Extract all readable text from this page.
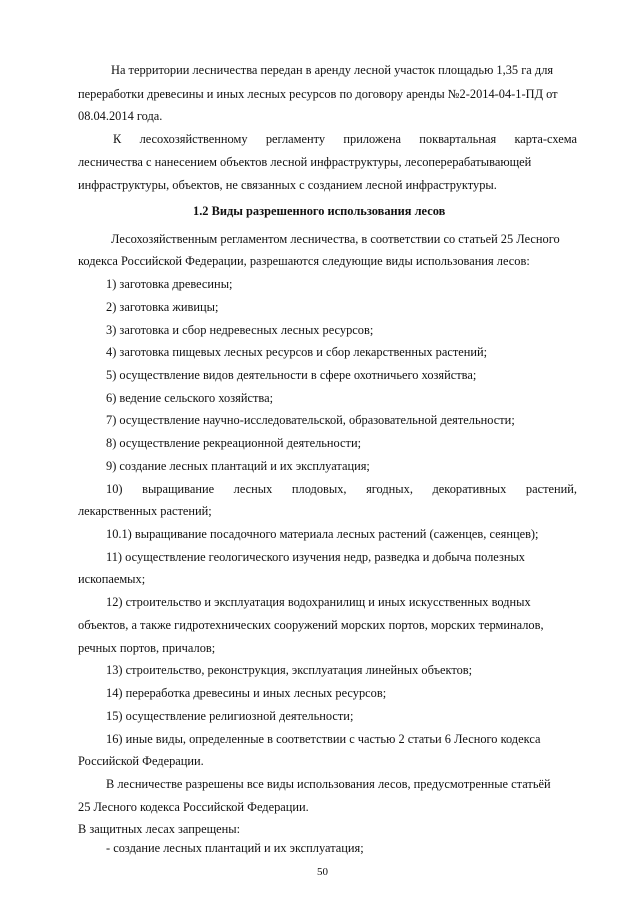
На территории лесничества передан в аренду лесной участок площадью 1,35 га для
переработки древесины и иных лесных ресурсов по договору аренды №2-2014-04-1-ПД от
08.04.2014 года.
К лесохозяйственному регламенту приложена поквартальная карта-схема
лесничества с нанесением объектов лесной инфраструктуры, лесоперерабатывающей
инфраструктуры, объектов, не связанных с созданием лесной инфраструктуры.
1.2 Виды разрешенного использования лесов
Лесохозяйственным регламентом лесничества, в соответствии со статьей 25 Лесного
кодекса Российской Федерации, разрешаются следующие виды использования лесов:
1) заготовка древесины;
2) заготовка живицы;
3) заготовка и сбор недревесных лесных ресурсов;
4) заготовка пищевых лесных ресурсов и сбор лекарственных растений;
5) осуществление видов деятельности в сфере охотничьего хозяйства;
6) ведение сельского хозяйства;
7) осуществление научно-исследовательской, образовательной деятельности;
8) осуществление рекреационной деятельности;
9) создание лесных плантаций и их эксплуатация;
10) выращивание лесных плодовых, ягодных, декоративных растений,
лекарственных растений;
10.1) выращивание посадочного материала лесных растений (саженцев, сеянцев);
11) осуществление геологического изучения недр, разведка и добыча полезных
ископаемых;
12) строительство и эксплуатация водохранилищ и иных искусственных водных
объектов, а также гидротехнических сооружений морских портов, морских терминалов,
речных портов, причалов;
13) строительство, реконструкция, эксплуатация линейных объектов;
14) переработка древесины и иных лесных ресурсов;
15) осуществление религиозной деятельности;
16) иные виды, определенные в соответствии с частью 2 статьи 6 Лесного кодекса
Российской Федерации.
В лесничестве разрешены все виды использования лесов, предусмотренные статьёй
25 Лесного кодекса Российской Федерации.
В защитных лесах запрещены:
- создание лесных плантаций и их эксплуатация;
50
